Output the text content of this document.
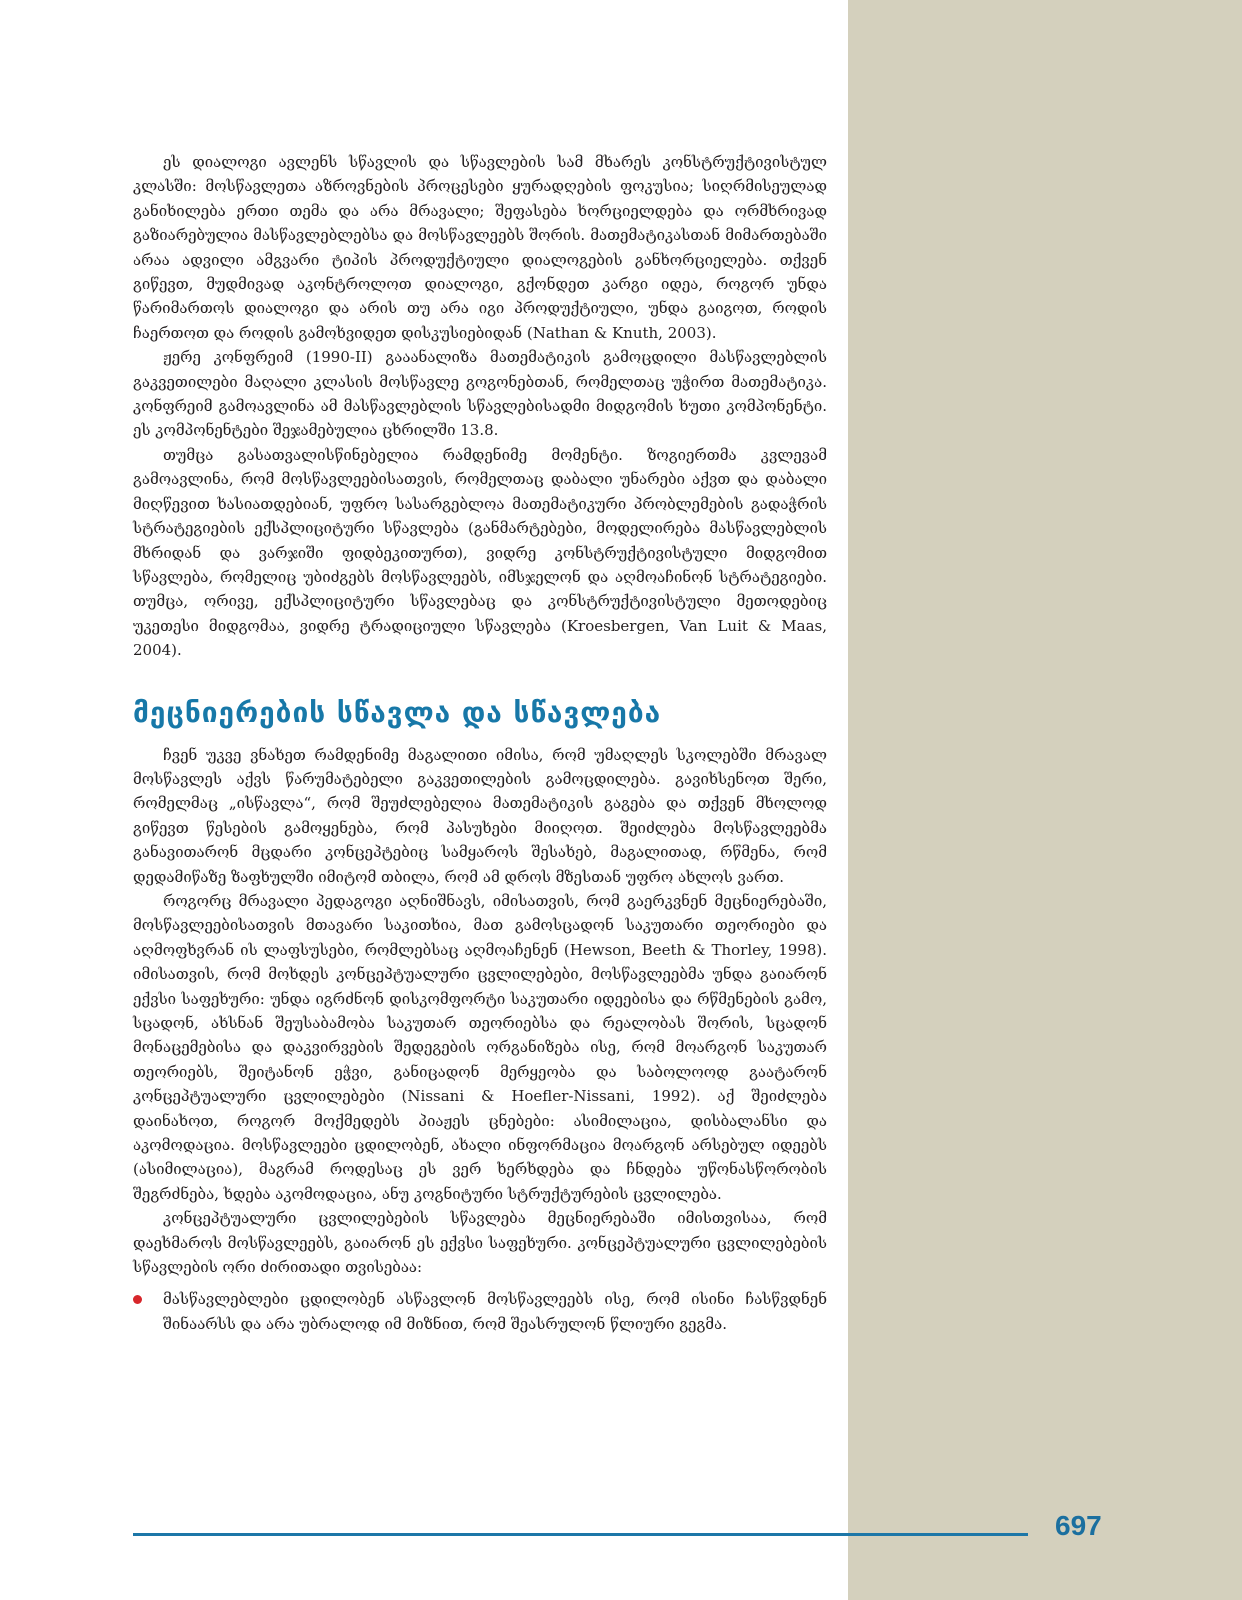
ეს დიალოგი ავლენს სწავლის და სწავლების სამ მხარეს კონსტრუქტივისტულ კლასში: მოსწავლეთა აზროვნების პროცესები ყურადღების ფოკუსია; სიღრმისეულად განიხილება ერთი თემა და არა მრავალი; შეფასება ხორციელდება და ორმხრივად გაზიარებულია მასწავლებლებსა და მოსწავლეებს შორის. მათემატიკასთან მიმართებაში არაა ადვილი ამგვარი ტიპის პროდუქტიული დიალოგების განხორციელება. თქვენ გიწევთ, მუდმივად აკონტროლოთ დიალოგი, გქონდეთ კარგი იდეა, როგორ უნდა წარიმართოს დიალოგი და არის თუ არა იგი პროდუქტიული, უნდა გაიგოთ, როდის ჩაერთოთ და როდის გამოხვიდეთ დისკუსიებიდან (Nathan & Knuth, 2003).

ჟერე კონფრეიმ (1990-II) გააანალიზა მათემატიკის გამოცდილი მასწავლებლის გაკვეთილები მაღალი კლასის მოსწავლე გოგონებთან, რომელთაც უჭირთ მათემატიკა. კონფრეიმ გამოავლინა ამ მასწავლებლის სწავლებისადმი მიდგომის ხუთი კომპონენტი. ეს კომპონენტები შეჯამებულია ცხრილში 13.8.

თუმცა გასათვალისწინებელია რამდენიმე მომენტი. ზოგიერთმა კვლევამ გამოავლინა, რომ მოსწავლეებისათვის, რომელთაც დაბალი უნარები აქვთ და დაბალი მიღწევით ხასიათდებიან, უფრო სასარგებლოა მათემატიკური პრობლემების გადაჭრის სტრატეგიების ექსპლიციტური სწავლება (განმარტებები, მოდელირება მასწავლებლის მხრიდან და ვარჯიში ფიდბეკითურთ), ვიდრე კონსტრუქტივისტული მიდგომით სწავლება, რომელიც უბიძგებს მოსწავლეებს, იმსჯელონ და აღმოაჩინონ სტრატეგიები. თუმცა, ორივე, ექსპლიციტური სწავლებაც და კონსტრუქტივისტული მეთოდებიც უკეთესი მიდგომაა, ვიდრე ტრადიციული სწავლება (Kroesbergen, Van Luit & Maas, 2004).

მეცნიერების სწავლა და სწავლება

ჩვენ უკვე ვნახეთ რამდენიმე მაგალითი იმისა, რომ უმაღლეს სკოლებში მრავალ მოსწავლეს აქვს წარუმატებელი გაკვეთილების გამოცდილება. გავიხსენოთ შერი, რომელმაც „ისწავლა“, რომ შეუძლებელია მათემატიკის გაგება და თქვენ მხოლოდ გიწევთ წესების გამოყენება, რომ პასუხები მიიღოთ. შეიძლება მოსწავლეებმა განავითარონ მცდარი კონცეპტებიც სამყაროს შესახებ, მაგალითად, რწმენა, რომ დედამიწაზე ზაფხულში იმიტომ თბილა, რომ ამ დროს მზესთან უფრო ახლოს ვართ.

როგორც მრავალი პედაგოგი აღნიშნავს, იმისათვის, რომ გაერკვნენ მეცნიერებაში, მოსწავლეებისათვის მთავარი საკითხია, მათ გამოსცადონ საკუთარი თეორიები და აღმოფხვრან ის ლაფსუსები, რომლებსაც აღმოაჩენენ (Hewson, Beeth & Thorley, 1998). იმისათვის, რომ მოხდეს კონცეპტუალური ცვლილებები, მოსწავლეებმა უნდა გაიარონ ექვსი საფეხური: უნდა იგრძნონ დისკომფორტი საკუთარი იდეებისა და რწმენების გამო, სცადონ, ახსნან შეუსაბამობა საკუთარ თეორიებსა და რეალობას შორის, სცადონ მონაცემებისა და დაკვირვების შედეგების ორგანიზება ისე, რომ მოარგონ საკუთარ თეორიებს, შეიტანონ ეჭვი, განიცადონ მერყეობა და საბოლოოდ გაატარონ კონცეპტუალური ცვლილებები (Nissani & Hoefler-Nissani, 1992). აქ შეიძლება დაინახოთ, როგორ მოქმედებს პიაჟეს ცნებები: ასიმილაცია, დისბალანსი და აკომოდაცია. მოსწავლეები ცდილობენ, ახალი ინფორმაცია მოარგონ არსებულ იდეებს (ასიმილაცია), მაგრამ როდესაც ეს ვერ ხერხდება და ჩნდება უწონასწორობის შეგრძნება, ხდება აკომოდაცია, ანუ კოგნიტური სტრუქტურების ცვლილება.

კონცეპტუალური ცვლილებების სწავლება მეცნიერებაში იმისთვისაა, რომ დაეხმაროს მოსწავლეებს, გაიარონ ეს ექვსი საფეხური. კონცეპტუალური ცვლილებების სწავლების ორი ძირითადი თვისებაა:

მასწავლებლები ცდილობენ ასწავლონ მოსწავლეებს ისე, რომ ისინი ჩასწვდნენ შინაარსს და არა უბრალოდ იმ მიზნით, რომ შეასრულონ წლიური გეგმა.
697
